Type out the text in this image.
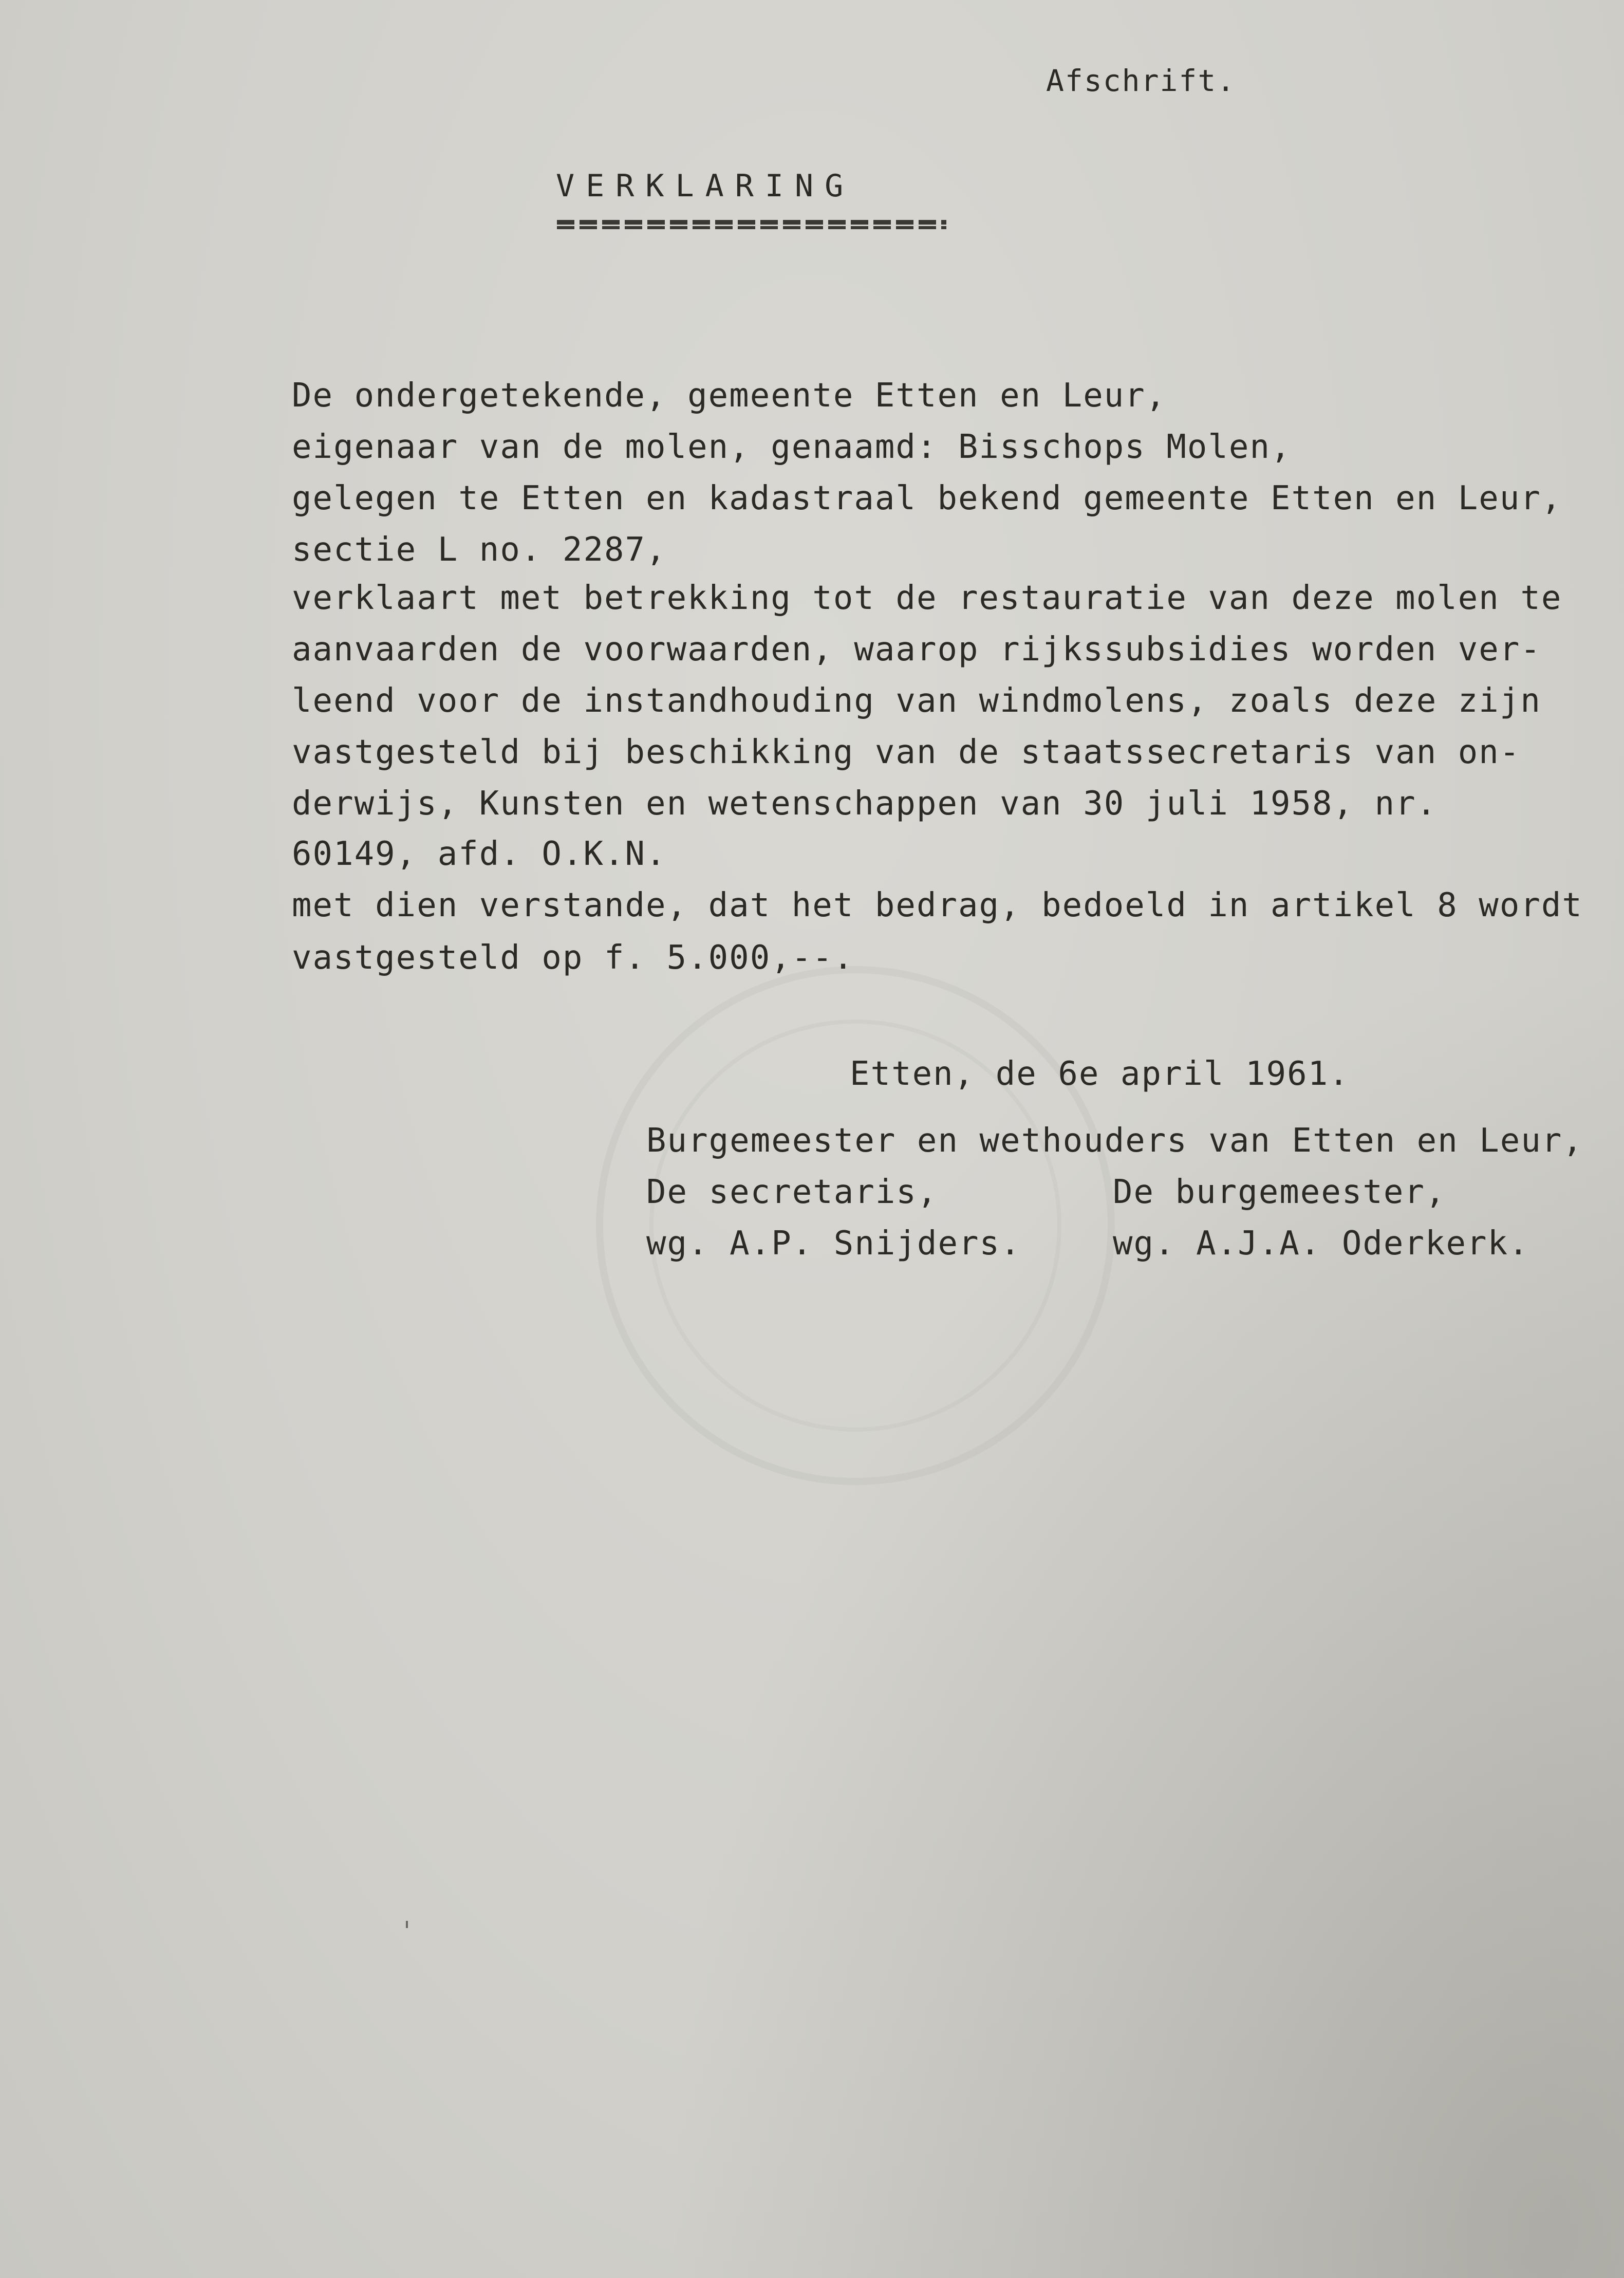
Afschrift.
VERKLARING
De ondergetekende, gemeente Etten en Leur,
eigenaar van de molen, genaamd: Bisschops Molen,
gelegen te Etten en kadastraal bekend gemeente Etten en Leur,
sectie L no. 2287,
verklaart met betrekking tot de restauratie van deze molen te
aanvaarden de voorwaarden, waarop rijkssubsidies worden ver-
leend voor de instandhouding van windmolens, zoals deze zijn
vastgesteld bij beschikking van de staatssecretaris van on-
derwijs, Kunsten en wetenschappen van 30 juli 1958, nr.
60149, afd. O.K.N.
met dien verstande, dat het bedrag, bedoeld in artikel 8 wordt
vastgesteld op f. 5.000,--.
Etten, de 6e april 1961.
Burgemeester en wethouders van Etten en Leur,
De secretaris,	De burgemeester,
wg. A.P. Snijders.	wg. A.J.A. Oderkerk.
